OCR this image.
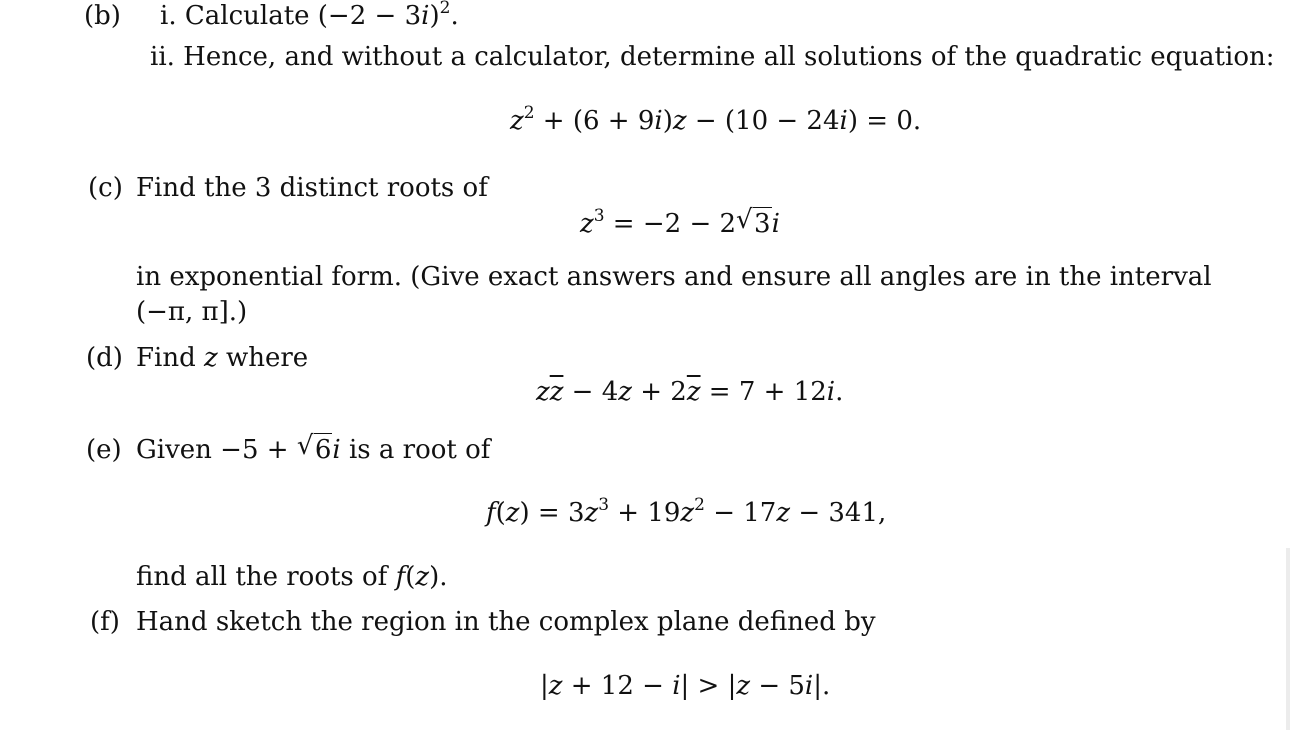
(b) i. Calculate $(-2 - 3i)^2$.
ii. Hence, and without a calculator, determine all solutions of the quadratic equation:
$z^2 + (6 + 9i)z - (10 - 24i) = 0$.
(c) Find the 3 distinct roots of
$z^3 = -2 - 2$ √ 3i
in exponential form. (Give exact answers and ensure all angles are in the interval
(−π, π].)
(d) Find z where
$z\overline{z} - 4z + 2\overline{z} = 7 + 12i$.
(e) Given −5 + √ 6i is a root of
$f(z) = 3z^3 + 19z^2 - 17z - 341$,
find all the roots of f(z).
(f) Hand sketch the region in the complex plane defined by
|z + 12 − i| > |z − 5i|.
